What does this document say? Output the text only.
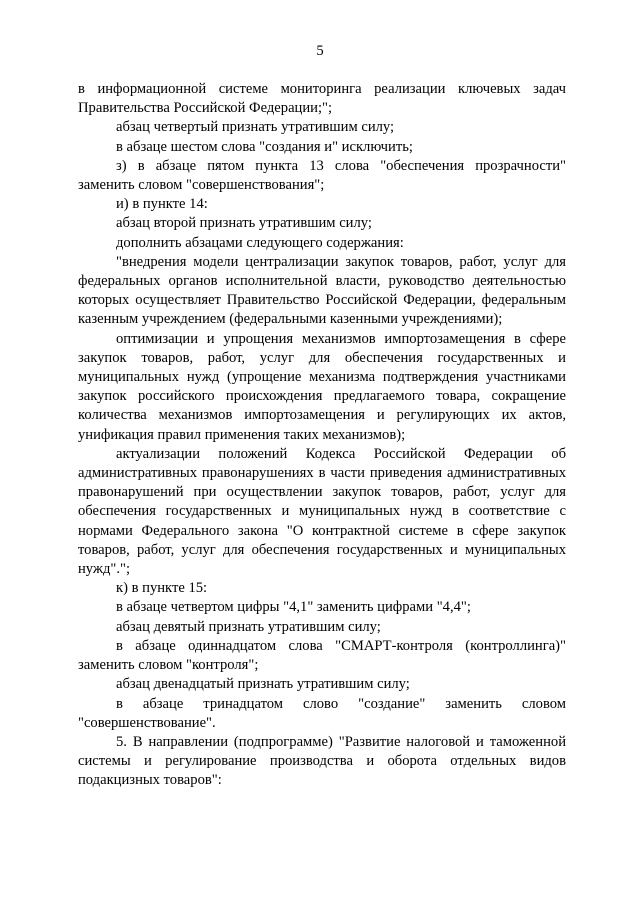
5

в информационной системе мониторинга реализации ключевых задач Правительства Российской Федерации;";

абзац четвертый признать утратившим силу;

в абзаце шестом слова "создания и" исключить;

з) в абзаце пятом пункта 13 слова "обеспечения прозрачности" заменить словом "совершенствования";

и) в пункте 14:

абзац второй признать утратившим силу;

дополнить абзацами следующего содержания:

"внедрения модели централизации закупок товаров, работ, услуг для федеральных органов исполнительной власти, руководство деятельностью которых осуществляет Правительство Российской Федерации, федеральным казенным учреждением (федеральными казенными учреждениями);

оптимизации и упрощения механизмов импортозамещения в сфере закупок товаров, работ, услуг для обеспечения государственных и муниципальных нужд (упрощение механизма подтверждения участниками закупок российского происхождения предлагаемого товара, сокращение количества механизмов импортозамещения и регулирующих их актов, унификация правил применения таких механизмов);

актуализации положений Кодекса Российской Федерации об административных правонарушениях в части приведения административных правонарушений при осуществлении закупок товаров, работ, услуг для обеспечения государственных и муниципальных нужд в соответствие с нормами Федерального закона "О контрактной системе в сфере закупок товаров, работ, услуг для обеспечения государственных и муниципальных нужд".";

к) в пункте 15:

в абзаце четвертом цифры "4,1" заменить цифрами "4,4";

абзац девятый признать утратившим силу;

в абзаце одиннадцатом слова "СМАРТ-контроля (контроллинга)" заменить словом "контроля";

абзац двенадцатый признать утратившим силу;

в абзаце тринадцатом слово "создание" заменить словом "совершенствование".

5. В направлении (подпрограмме) "Развитие налоговой и таможенной системы и регулирование производства и оборота отдельных видов подакцизных товаров":
